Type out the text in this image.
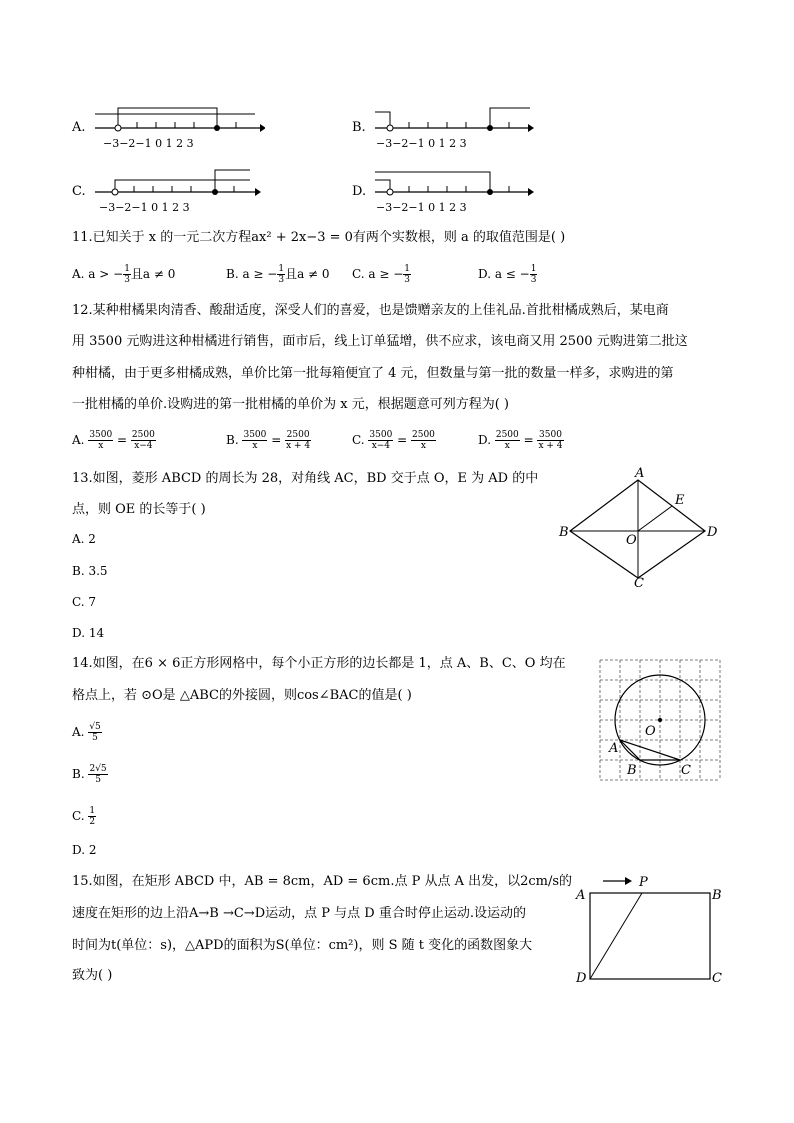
A.
−3−2−1 0 1 2 3
B.
−3−2−1 0 1 2 3
C.
−3−2−1 0 1 2 3
D.
−3−2−1 0 1 2 3
11.已知关于 x 的一元二次方程ax² + 2x−3 = 0有两个实数根，则 a 的取值范围是( )
A. a > − $\frac{1}{3}$ 且a ≠ 0	B. a ≥ − $\frac{1}{3}$ 且a ≠ 0 C. a ≥ − $\frac{1}{3}$	D. a ≤ − $\frac{1}{3}$
12.某种柑橘果肉清香、酸甜适度，深受人们的喜爱，也是馈赠亲友的上佳礼品.首批柑橘成熟后，某电商
用 3500 元购进这种柑橘进行销售，面市后，线上订单猛增，供不应求，该电商又用 2500 元购进第二批这
种柑橘，由于更多柑橘成熟，单价比第一批每箱便宜了 4 元，但数量与第一批的数量一样多，求购进的第
一批柑橘的单价.设购进的第一批柑橘的单价为 x 元，根据题意可列方程为( )
A. $\frac{3500}{x} = \frac{2500}{x-4}$	B. $\frac{3500}{x} = \frac{2500}{x + 4}$	C. $\frac{3500}{x-4} = \frac{2500}{x}$	D. $\frac{2500}{x} = \frac{3500}{x + 4}$
13.如图，菱形 ABCD 的周长为 28，对角线 AC，BD 交于点 O，E 为 AD 的中
点，则 OE 的长等于( )
A. 2
B. 3.5
C. 7
D. 14
A
B
C
D
E
O
14.如图，在6 × 6正方形网格中，每个小正方形的边长都是 1，点 A、B、C、O 均在
格点上，若 ⊙O是 △ABC的外接圆，则cos∠BAC的值是( )
A. $\frac{√5}{5}$
B. $\frac{2√5}{5}$
C. $\frac{1}{2}$
D. 2
O
A
B	C
15.如图，在矩形 ABCD 中，AB = 8cm，AD = 6cm.点 P 从点 A 出发，以2cm/s的
速度在矩形的边上沿A→B →C→D运动，点 P 与点 D 重合时停止运动.设运动的
时间为t(单位：s)，△APD的面积为S(单位：cm²)，则 S 随 t 变化的函数图象大
致为( )
A	B
C
D
P
